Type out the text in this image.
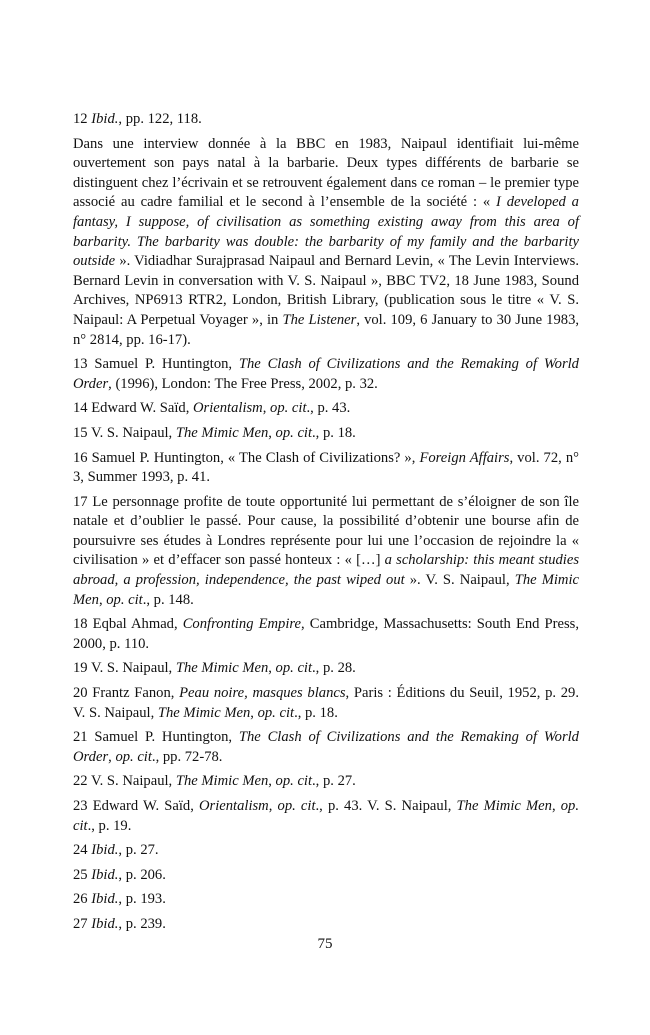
12 Ibid., pp. 122, 118.

Dans une interview donnée à la BBC en 1983, Naipaul identifiait lui-même ouvertement son pays natal à la barbarie. Deux types différents de barbarie se distinguent chez l’écrivain et se retrouvent également dans ce roman – le premier type associé au cadre familial et le second à l’ensemble de la société : « I developed a fantasy, I suppose, of civilisation as something existing away from this area of barbarity. The barbarity was double: the barbarity of my family and the barbarity outside ». Vidiadhar Surajprasad Naipaul and Bernard Levin, « The Levin Interviews. Bernard Levin in conversation with V. S. Naipaul », BBC TV2, 18 June 1983, Sound Archives, NP6913 RTR2, London, British Library, (publication sous le titre « V. S. Naipaul: A Perpetual Voyager », in The Listener, vol. 109, 6 January to 30 June 1983, n° 2814, pp. 16-17).

13 Samuel P. Huntington, The Clash of Civilizations and the Remaking of World Order, (1996), London: The Free Press, 2002, p. 32.

14 Edward W. Saïd, Orientalism, op. cit., p. 43.

15 V. S. Naipaul, The Mimic Men, op. cit., p. 18.

16 Samuel P. Huntington, « The Clash of Civilizations? », Foreign Affairs, vol. 72, n° 3, Summer 1993, p. 41.

17 Le personnage profite de toute opportunité lui permettant de s’éloigner de son île natale et d’oublier le passé. Pour cause, la possibilité d’obtenir une bourse afin de poursuivre ses études à Londres représente pour lui une l’occasion de rejoindre la « civilisation » et d’effacer son passé honteux : « […] a scholarship: this meant studies abroad, a profession, independence, the past wiped out ». V. S. Naipaul, The Mimic Men, op. cit., p. 148.

18 Eqbal Ahmad, Confronting Empire, Cambridge, Massachusetts: South End Press, 2000, p. 110.

19 V. S. Naipaul, The Mimic Men, op. cit., p. 28.

20 Frantz Fanon, Peau noire, masques blancs, Paris : Éditions du Seuil, 1952, p. 29. V. S. Naipaul, The Mimic Men, op. cit., p. 18.

21 Samuel P. Huntington, The Clash of Civilizations and the Remaking of World Order, op. cit., pp. 72-78.

22 V. S. Naipaul, The Mimic Men, op. cit., p. 27.

23 Edward W. Saïd, Orientalism, op. cit., p. 43. V. S. Naipaul, The Mimic Men, op. cit., p. 19.

24 Ibid., p. 27.

25 Ibid., p. 206.

26 Ibid., p. 193.

27 Ibid., p. 239.

75
